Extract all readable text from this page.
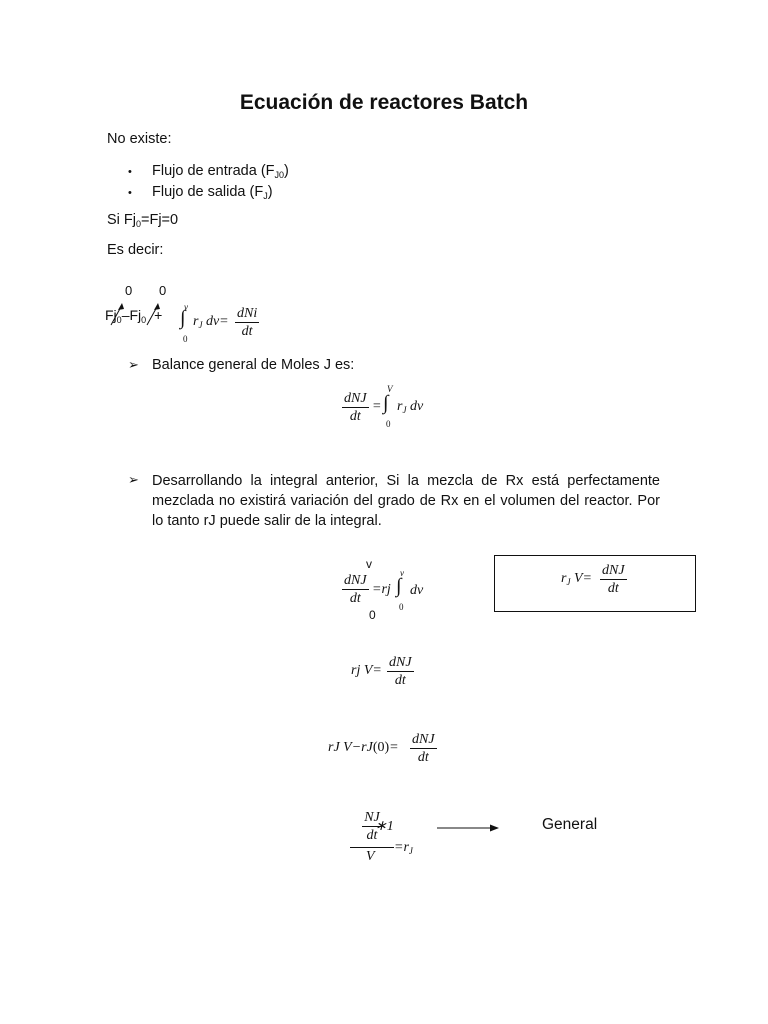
Ecuación de reactores Batch
No existe:
• Flujo de entrada $(F_{J0})$
• Flujo de salida $(F_J)$
Si $Fj_0=Fj=0$
Es decir:
0 0
$Fj_0-Fj_0 + v$
∫
0
$r_J$ dv=
dNi
dt
➢ Balance general de Moles J es:
dNJ
dt
=
V
∫
0
$r_J$ dv
➢ Desarrollando la integral anterior, Si la mezcla de Rx está perfectamente mezclada no existirá variación del grado de Rx en el volumen del reactor. Por lo tanto rJ puede salir de la integral.
v
dNJ
dt
=rj
v
∫
0
dv
0
$r_J$ V=
dNJ
dt
rj V=
dNJ
dt
rJ V−rJ(0)=
dNJ
dt
$\frac{NJ}{dt}$
∗1
V
$=r_J$
General
